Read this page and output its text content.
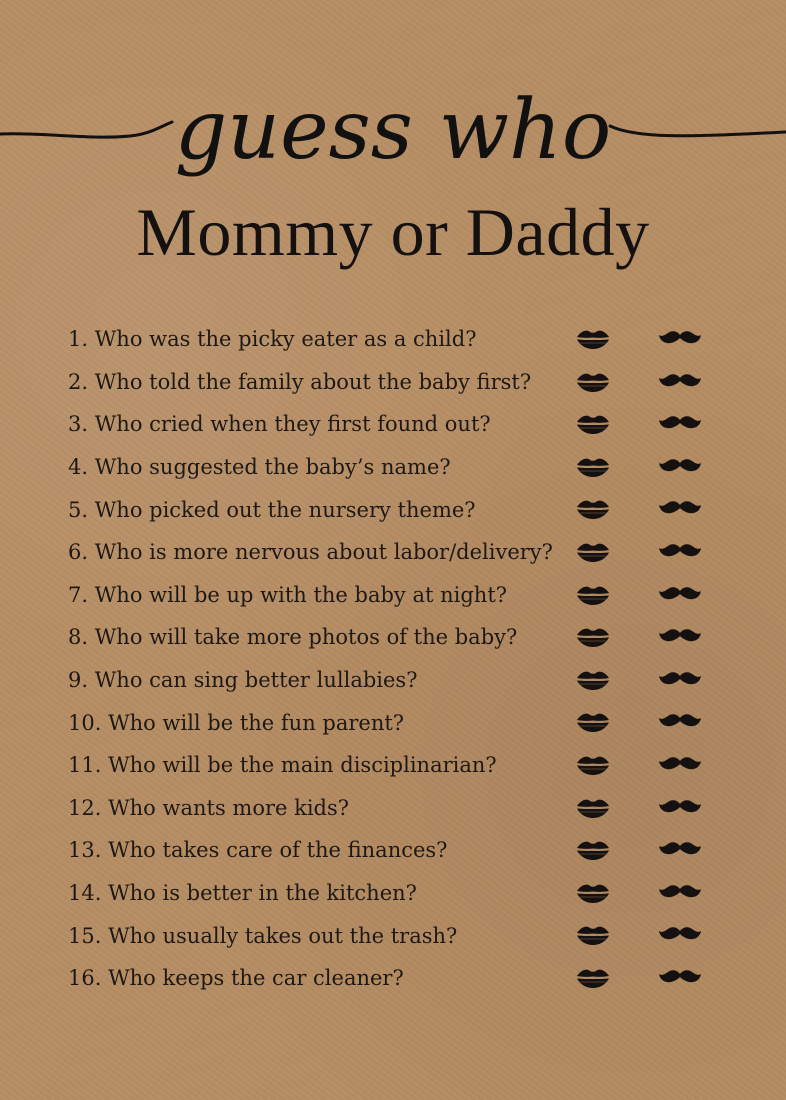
guess who
Mommy or Daddy
1. Who was the picky eater as a child?
2. Who told the family about the baby first?
3. Who cried when they first found out?
4. Who suggested the baby’s name?
5. Who picked out the nursery theme?
6. Who is more nervous about labor/delivery?
7. Who will be up with the baby at night?
8. Who will take more photos of the baby?
9. Who can sing better lullabies?
10. Who will be the fun parent?
11. Who will be the main disciplinarian?
12. Who wants more kids?
13. Who takes care of the finances?
14. Who is better in the kitchen?
15. Who usually takes out the trash?
16. Who keeps the car cleaner?
